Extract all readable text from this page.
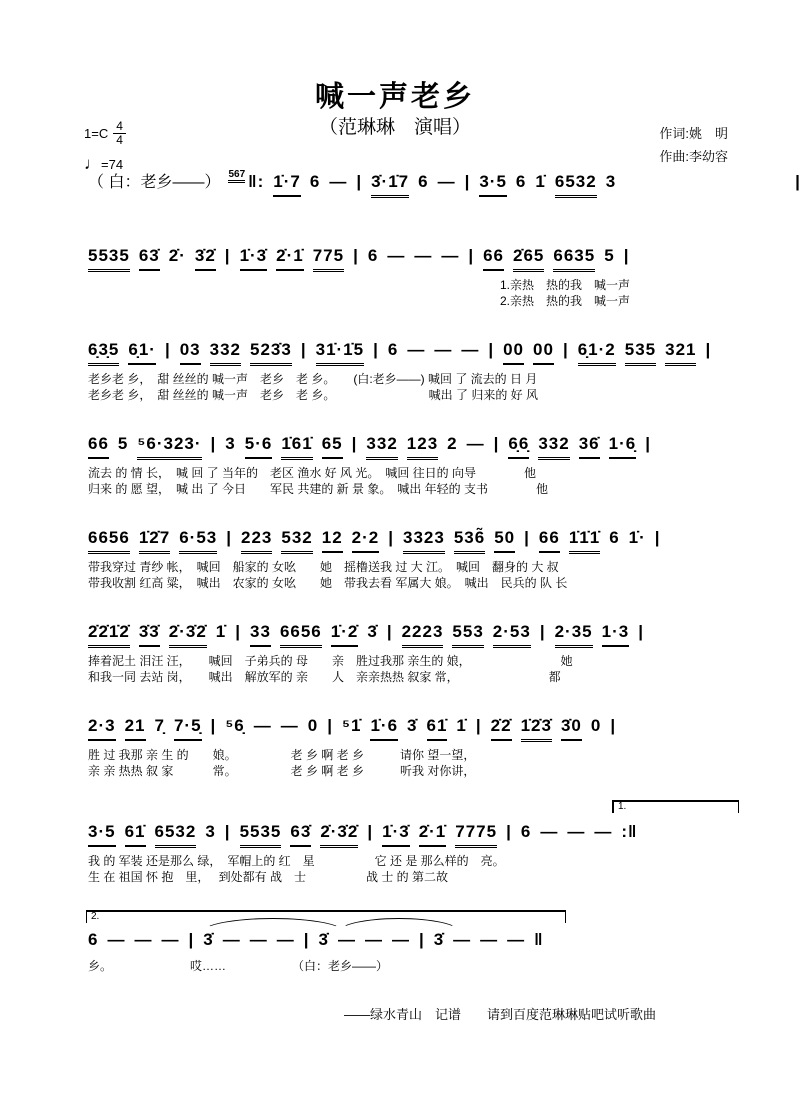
喊一声老乡
（范琳琳　演唱）	作词:姚　明
作曲:李幼容
$1=C \frac{4}{4}$
♩=74
（ 白：老乡——） $^{567}$ ‖: 1̇·7 6 — | 3̇·1̇7 6 — | 3·5 6 1̇ 6532 3	|
5535 63̇ 2̇· 3̇2̇ | 1̇·3̇ 2̇·1̇ 775 | 6 — — — | 66 2̇65 6635 5 |
1.亲热　热的我　喊一声
2.亲热　热的我　喊一声
6̣3̣5 6̣1· | 03 332 523̇3 | 31̇·1̇5 | 6 — — — | 00 00 | 6̣1·2 535 321 |
老乡老 乡，　甜 丝丝的 喊一声　老乡　老 乡。　　(白:老乡——) 喊回 了 流去的 日 月
老乡老 乡，　甜 丝丝的 喊一声　老乡　老 乡。　　　　　　　　 喊出 了 归来的 好 风
66 5 ⁵6·323· | 3 5·6 1̇61̇ 65 | 332 123 2 — | 6̣6̣ 332 36̇ 1·6̣ |
流去 的 情 长，　喊 回 了 当年的　老区 渔水 好 风 光。　喊回 往日的 向导　　　　他
归来 的 愿 望，　喊 出 了 今日　　军民 共建的 新 景 象。　喊出 年轻的 支书　　　　他
6656 1̇2̇7 6·53 | 223 532 12 2·2 | 3323 536̃ 50 | 66 1̇1̇1̇ 6 1̇· |
带我穿过 青纱 帐，　喊回　船家的 女吆　　她　摇橹送我 过 大 江。　喊回　翻身的 大 叔
带我收割 红高 粱，　喊出　农家的 女吆　　她　带我去看 军属大 娘。　喊出　民兵的 队 长
2̇2̇1̇2̇ 3̇3̇ 2̇·3̇2̇ 1̇ | 33 6656 1̇·2̇ 3̇ | 2223 553 2·53 | 2·35 1·3 |
捧着泥土 泪汪 汪，　　喊回　子弟兵的 母　　亲　胜过我那 亲生的 娘，　　　　　　　　她
和我一同 去站 岗，　　喊出　解放军的 亲　　人　亲亲热热 叙家 常，　　　　　　　　都
2·3 21 7̣ 7·5̣ | ⁵6̣ — — 0 | ⁵1̇ 1̇·6 3̇ 61̇ 1̇ | 2̇2̇ 1̇2̇3̇ 3̇0 0 |
胜 过 我那 亲 生 的　　娘。　　　　　老 乡 啊 老 乡　　　请你 望一望，
亲 亲 热热 叙 家　　　 常。　　　　　老 乡 啊 老 乡　　　听我 对你讲，
1.
3·5 61̇ 6532 3 | 5535 63̇ 2̇·3̇2̇ | 1̇·3̇ 2̇·1̇ 7775 | 6 — — — :‖
我 的 军装 还是那么 绿，　军帽上的 红　星　　　　　它 还 是 那么样的　亮。
生 在 祖国 怀 抱　里，　 到处都有 战　士　　　　　战 士 的 第二故
2.
6 — — — | 3̇ — — — | 3̇ — — — | 3̇ — — — ‖
乡。　　　　　　　哎……　　　　　　（白：老乡——）
——绿水青山　记谱　　请到百度范琳琳贴吧试听歌曲
